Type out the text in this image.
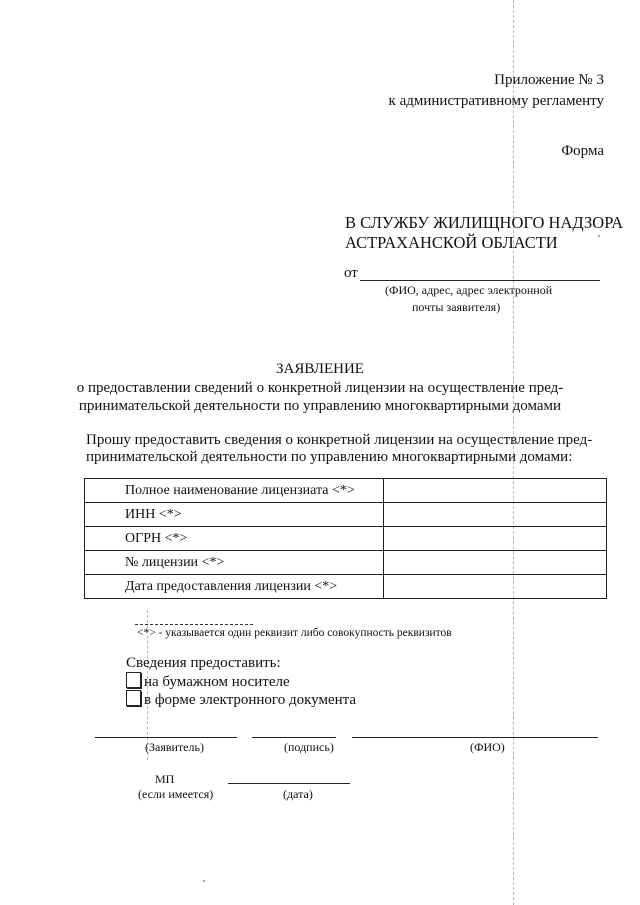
Приложение № 3
к административному регламенту
Форма
В СЛУЖБУ ЖИЛИЩНОГО НАДЗОРА
АСТРАХАНСКОЙ ОБЛАСТИ
от
(ФИО, адрес, адрес электронной
почты заявителя)
ЗАЯВЛЕНИЕ
о предоставлении сведений о конкретной лицензии на осуществление пред-
принимательской деятельности по управлению многоквартирными домами
Прошу предоставить сведения о конкретной лицензии на осуществление пред-
принимательской деятельности по управлению многоквартирными домами:
Полное наименование лицензиата <*>	
ИНН <*>	
ОГРН <*>	
№ лицензии <*>	
Дата предоставления лицензии <*>	
<*> - указывается один реквизит либо совокупность реквизитов
Сведения предоставить:
на бумажном носителе
в форме электронного документа
(Заявитель)	(подпись)	(ФИО)
МП
(если имеется)	(дата)
